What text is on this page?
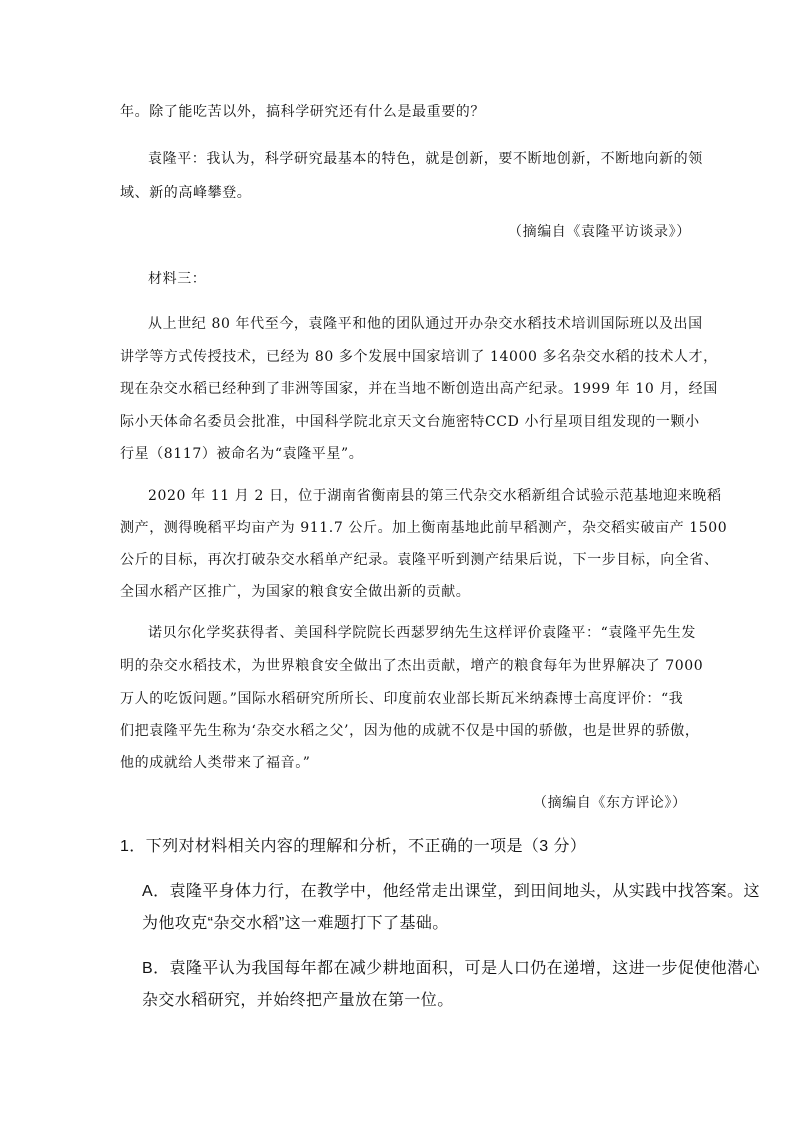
年。除了能吃苦以外，搞科学研究还有什么是最重要的？
袁隆平：我认为，科学研究最基本的特色，就是创新，要不断地创新，不断地向新的领
域、新的高峰攀登。
（摘编自《袁隆平访谈录》）
材料三：
从上世纪 80 年代至今，袁隆平和他的团队通过开办杂交水稻技术培训国际班以及出国
讲学等方式传授技术，已经为 80 多个发展中国家培训了 14000 多名杂交水稻的技术人才，
现在杂交水稻已经种到了非洲等国家，并在当地不断创造出高产纪录。1999 年 10 月，经国
际小天体命名委员会批准，中国科学院北京天文台施密特CCD 小行星项目组发现的一颗小
行星（8117）被命名为“袁隆平星”。
2020 年 11 月 2 日，位于湖南省衡南县的第三代杂交水稻新组合试验示范基地迎来晚稻
测产，测得晚稻平均亩产为 911.7 公斤。加上衡南基地此前早稻测产，杂交稻实破亩产 1500
公斤的目标，再次打破杂交水稻单产纪录。袁隆平听到测产结果后说，下一步目标，向全省、
全国水稻产区推广，为国家的粮食安全做出新的贡献。
诺贝尔化学奖获得者、美国科学院院长西瑟罗纳先生这样评价袁隆平：“袁隆平先生发
明的杂交水稻技术，为世界粮食安全做出了杰出贡献，增产的粮食每年为世界解决了 7000
万人的吃饭问题。”国际水稻研究所所长、印度前农业部长斯瓦米纳森博士高度评价：“我
们把袁隆平先生称为‘杂交水稻之父’，因为他的成就不仅是中国的骄傲，也是世界的骄傲，
他的成就给人类带来了福音。”
（摘编自《东方评论》）
1．下列对材料相关内容的理解和分析，不正确的一项是（3 分）
A．袁隆平身体力行，在教学中，他经常走出课堂，到田间地头，从实践中找答案。这
为他攻克“杂交水稻”这一难题打下了基础。
B．袁隆平认为我国每年都在减少耕地面积，可是人口仍在递增，这进一步促使他潜心
杂交水稻研究，并始终把产量放在第一位。
